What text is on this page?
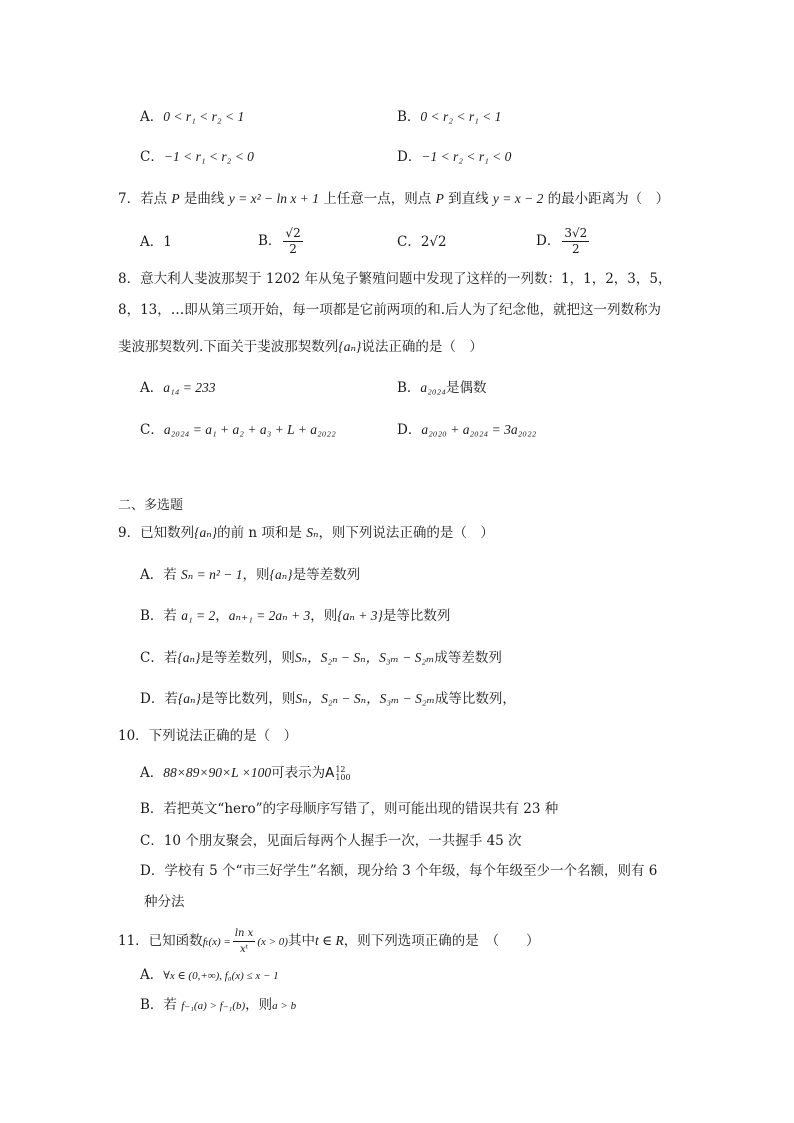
A．0 < r₁ < r₂ < 1	B．0 < r₂ < r₁ < 1
C．−1 < r₁ < r₂ < 0	D．−1 < r₂ < r₁ < 0
7．若点 P 是曲线 y = x² − ln x + 1 上任意一点，则点 P 到直线 y = x − 2 的最小距离为（　）
A．1	B． $\frac{√2}{2}$	C．2√2	D． $\frac{3√2}{2}$
8．意大利人斐波那契于 1202 年从兔子繁殖问题中发现了这样的一列数：1，1，2，3，5，
8，13，…即从第三项开始，每一项都是它前两项的和.后人为了纪念他，就把这一列数称为
斐波那契数列.下面关于斐波那契数列{aₙ}说法正确的是（　）
A．a₁₄ = 233	B．a₂₀₂₄是偶数
C．a₂₀₂₄ = a₁ + a₂ + a₃ + L + a₂₀₂₂	D．a₂₀₂₀ + a₂₀₂₄ = 3a₂₀₂₂
二、多选题
9．已知数列{aₙ}的前 n 项和是 Sₙ，则下列说法正确的是（　）
A．若 Sₙ = n² − 1，则{aₙ}是等差数列
B．若 a₁ = 2，aₙ₊₁ = 2aₙ + 3，则{aₙ + 3}是等比数列
C．若{aₙ}是等差数列，则Sₙ，S₂ₙ − Sₙ，S₃ₘ − S₂ₘ成等差数列
D．若{aₙ}是等比数列，则Sₙ，S₂ₙ − Sₙ，S₃ₘ − S₂ₘ成等比数列，
10．下列说法正确的是（　）
A．88×89×90×L ×100可表示为A 12
100
B．若把英文“hero”的字母顺序写错了，则可能出现的错误共有 23 种
C．10 个朋友聚会，见面后每两个人握手一次，一共握手 45 次
D．学校有 5 个“市三好学生”名额，现分给 3 个年级，每个年级至少一个名额，则有 6
种分法
11．已知函数$f_t(x) = \frac{\text{ln x}}{\text{xᵗ}} (x > 0)$其中t ∈ R，则下列选项正确的是　（　　）
A．∀x ∈ (0,+∞), f₀(x) ≤ x − 1
B．若 f₋₁(a) > f₋₁(b)，则a > b
